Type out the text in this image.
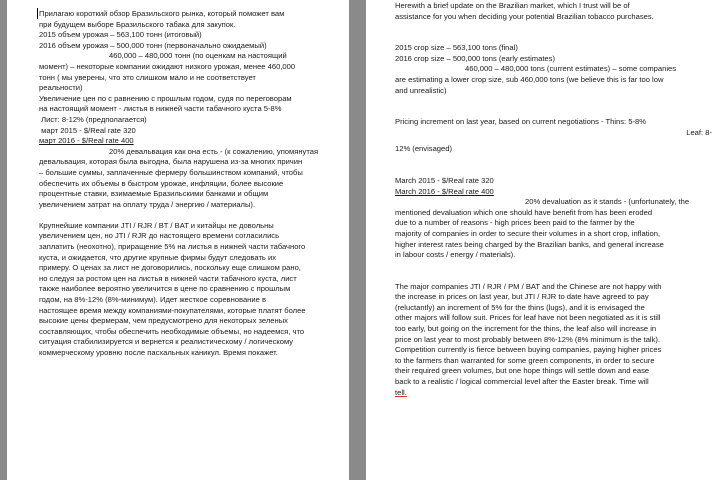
Прилагаю короткий обзор Бразильского рынка, который поможет вам

при будущем выборе Бразильского табака для закупок.

2015 объем урожая – 563,100 тонн (итоговый)

2016 объем урожая – 500,000 тонн (первоначально ожидаемый)

460,000 – 480,000 тонн (по оценкам на настоящий

момент) – некоторые компании ожидают низкого урожая, менее 460,000

тонн ( мы уверены, что это слишком мало и не соответствует

реальности)

Увеличение цен по с равнению с прошлым годом, судя по переговорам

на настоящий момент - листья в нижней части табачного куста 5-8%

Лист: 8-12% (предполагается)

март 2015 - $/Real rate 320

март 2016 - $/Real rate 400

20% девальвация как она есть - (к сожалению, упомянутая

девальвация, которая была выгодна, была нарушена из-за многих причин

– большие суммы, заплаченные фермеру большинством компаний, чтобы

обеспечить их объемы в быстром урожае, инфляции, более высокие

процентные ставки, взимаемые Бразильскими банками и общим

увеличением затрат на оплату труда / энергию / материалы).

Крупнейшие компании JTI / RJR / BT / BAT и китайцы не довольны

увеличением цен, но JTI / RJR до настоящего времени согласились

заплатить (неохотно), приращение 5% на листья в нижней части табачного

куста, и ожидается, что другие крупные фирмы будут следовать их

примеру. О ценах за лист не договорились, поскольку еще слишком рано,

но следуя за ростом цен на листья в нижней части табачного куста, лист

также наиболее вероятно увеличится в цене по сравнению с прошлым

годом, на 8%-12% (8%-минимум). Идет жесткое соревнование в

настоящее время между компаниями-покупателями, которые платят более

высокие цены фермерам, чем предусмотрено для некоторых зеленых

составляющих, чтобы обеспечить необходимые объемы, но надеемся, что

ситуация стабилизируется и вернется к реалистическому / логическому

коммерческому уровню после пасхальных каникул. Время покажет.

Herewith a brief update on the Brazilian market, which I trust will be of

assistance for you when deciding your potential Brazilian tobacco purchases.

2015 crop size – 563,100 tons (final)

2016 crop size – 500,000 tons (early estimates)

460,000 – 480,000 tons (current estimates) – some companies

are estimating a lower crop size, sub 460,000 tons (we believe this is far too low

and unrealistic)

Pricing increment on last year, based on current negotiations - Thins: 5-8%

Leaf: 8-

12% (envisaged)

March 2015 - $/Real rate 320

March 2016 - $/Real rate 400

20% devaluation as it stands - (unfortunately, the

mentioned devaluation which one should have benefit from has been eroded

due to a number of reasons - high prices been paid to the farmer by the

majority of companies in order to secure their volumes in a short crop, inflation,

higher interest rates being charged by the Brazilian banks, and general increase

in labour costs / energy / materials).

The major companies JTI / RJR / PM / BAT and the Chinese are not happy with

the increase in prices on last year, but JTI / RJR to date have agreed to pay

(reluctantly) an increment of 5% for the thins (lugs), and it is envisaged the

other majors will follow suit. Prices for leaf have not been negotiated as it is still

too early, but going on the increment for the thins, the leaf also will increase in

price on last year to most probably between 8%-12% (8% minimum is the talk).

Competition currently is fierce between buying companies, paying higher prices

to the farmers than warranted for some green components, in order to secure

their required green volumes, but one hope things will settle down and ease

back to a realistic / logical commercial level after the Easter break. Time will

tell.
